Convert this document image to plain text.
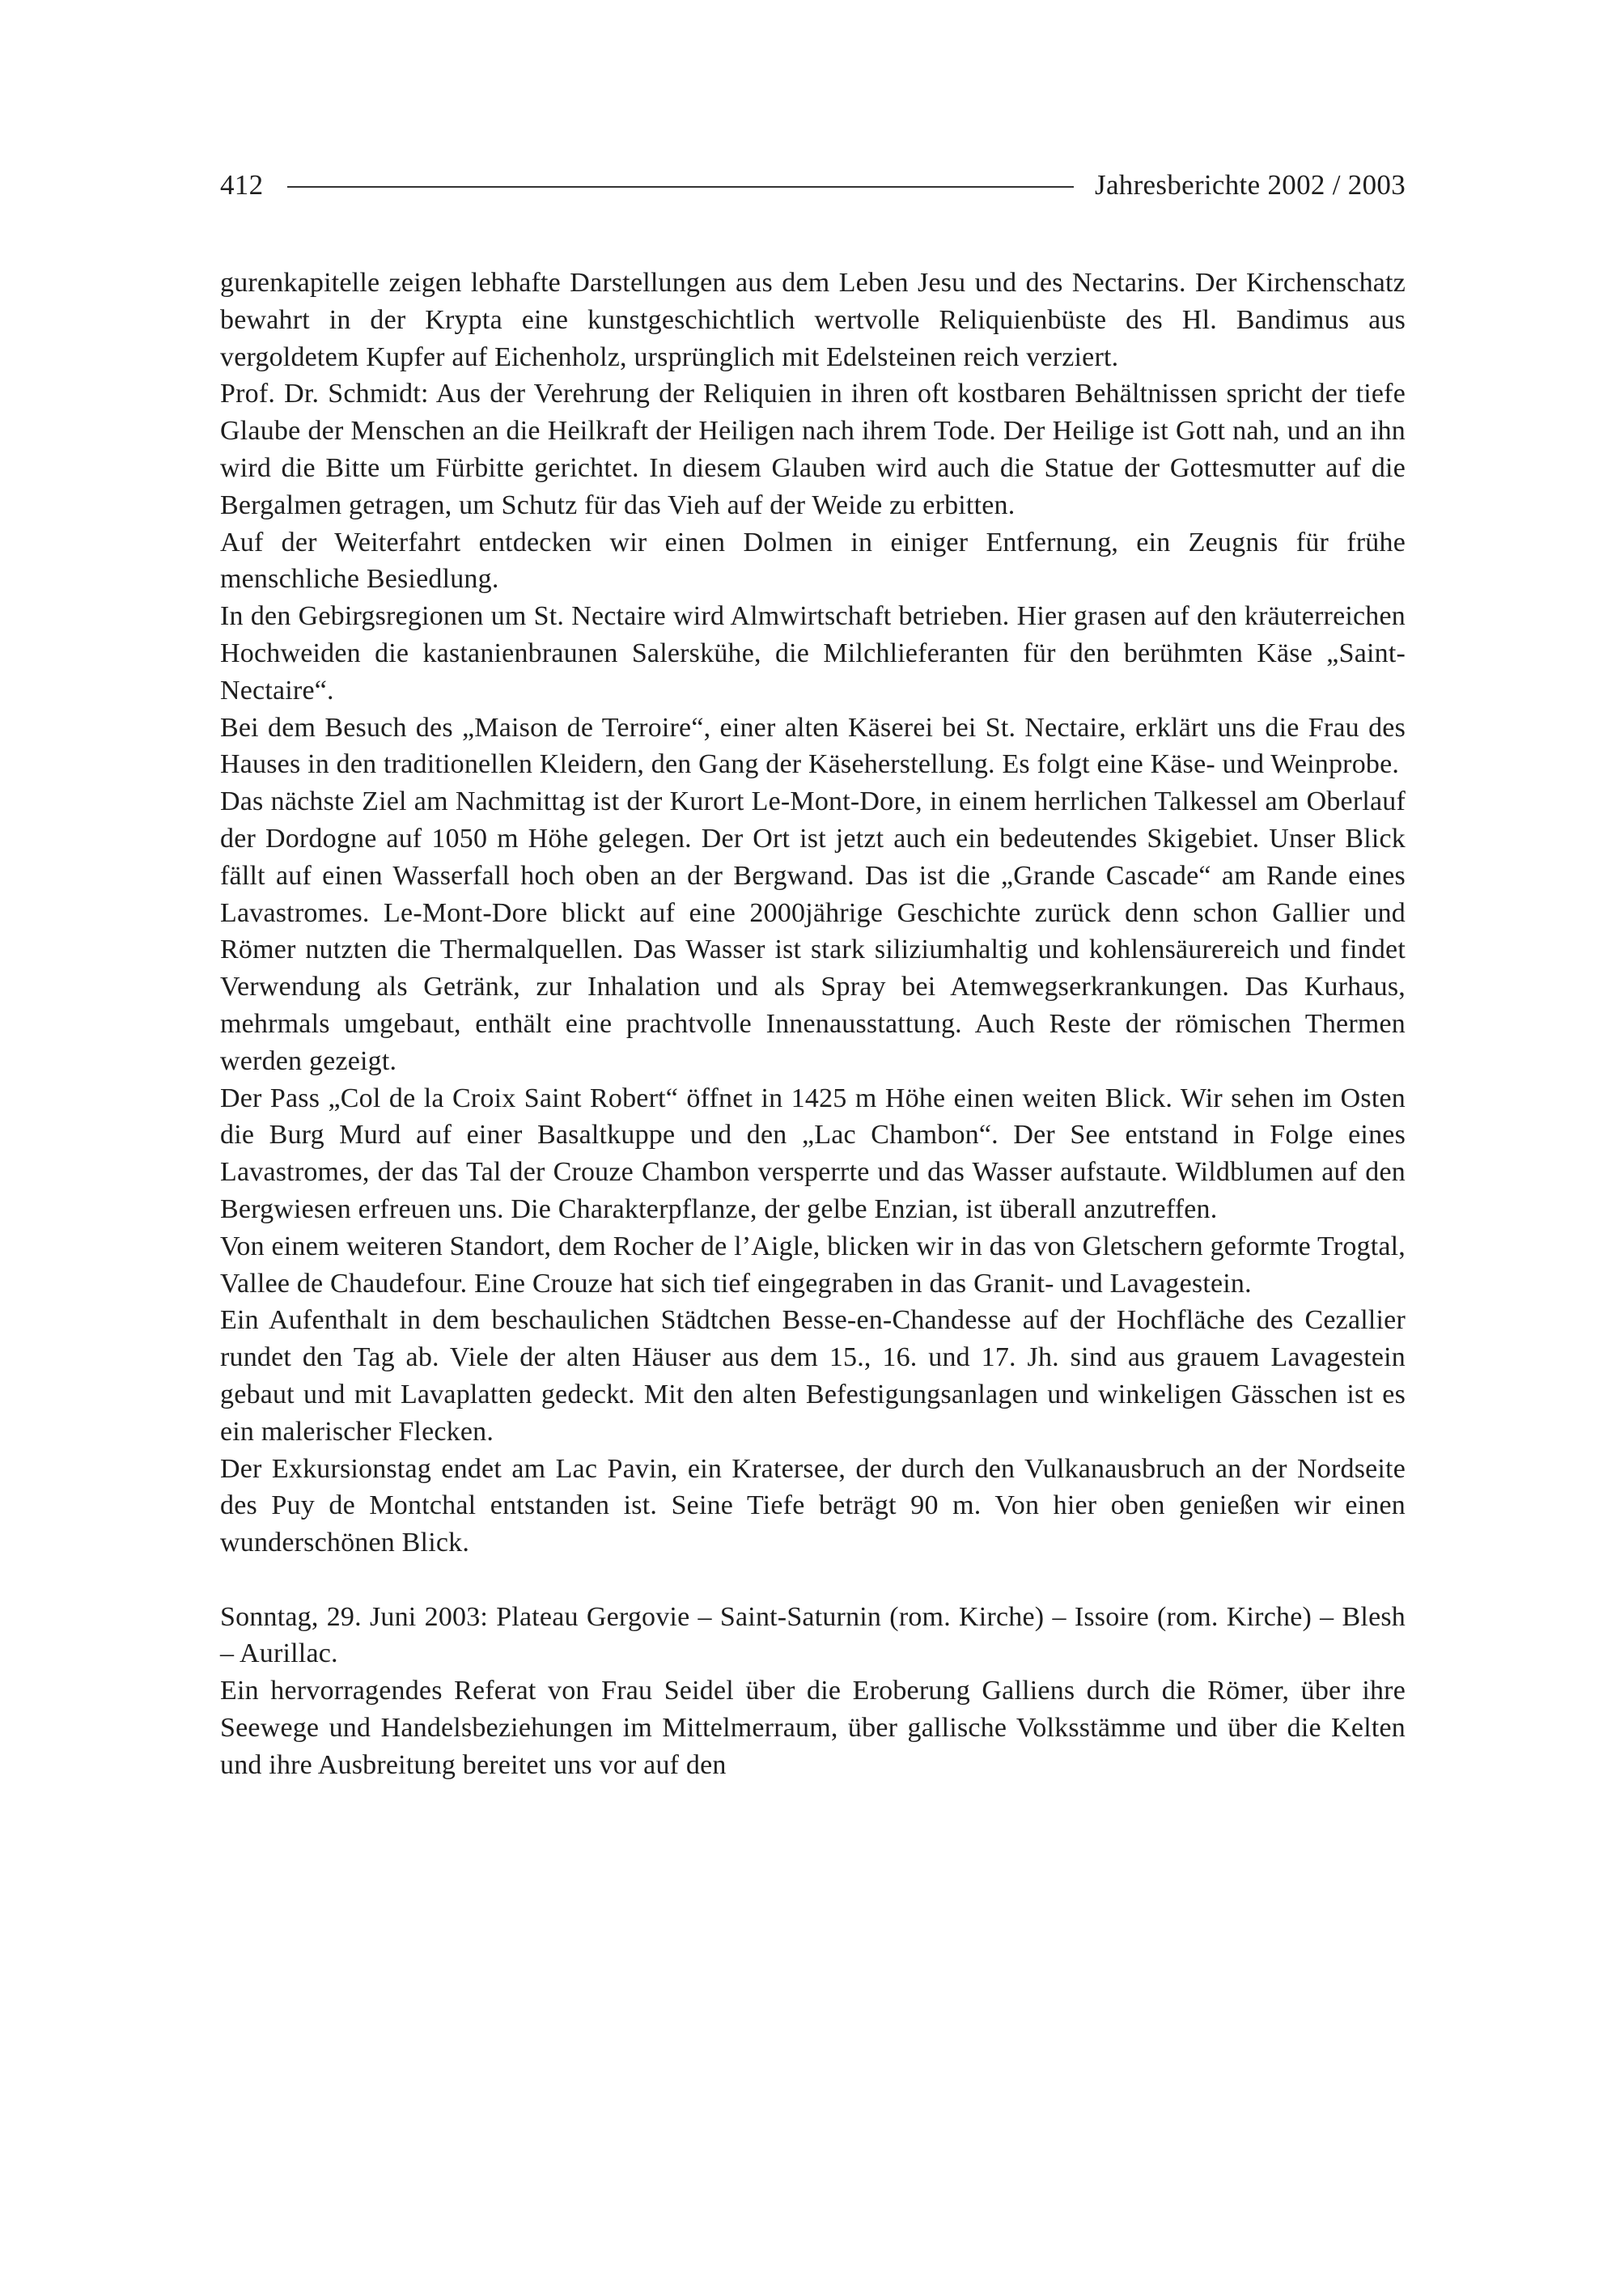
412	Jahresberichte 2002 / 2003

gurenkapitelle zeigen lebhafte Darstellungen aus dem Leben Jesu und des Nectarins. Der Kirchenschatz bewahrt in der Krypta eine kunstgeschichtlich wertvolle Reliquienbüste des Hl. Bandimus aus vergoldetem Kupfer auf Eichenholz, ursprünglich mit Edelsteinen reich verziert.

Prof. Dr. Schmidt: Aus der Verehrung der Reliquien in ihren oft kostbaren Behältnissen spricht der tiefe Glaube der Menschen an die Heilkraft der Heiligen nach ihrem Tode. Der Heilige ist Gott nah, und an ihn wird die Bitte um Fürbitte gerichtet. In diesem Glauben wird auch die Statue der Gottesmutter auf die Bergalmen getragen, um Schutz für das Vieh auf der Weide zu erbitten.

Auf der Weiterfahrt entdecken wir einen Dolmen in einiger Entfernung, ein Zeugnis für frühe menschliche Besiedlung.

In den Gebirgsregionen um St. Nectaire wird Almwirtschaft betrieben. Hier grasen auf den kräuterreichen Hochweiden die kastanienbraunen Salerskühe, die Milchlieferanten für den berühmten Käse „Saint-Nectaire“.

Bei dem Besuch des „Maison de Terroire“, einer alten Käserei bei St. Nectaire, erklärt uns die Frau des Hauses in den traditionellen Kleidern, den Gang der Käseherstellung. Es folgt eine Käse- und Weinprobe.

Das nächste Ziel am Nachmittag ist der Kurort Le-Mont-Dore, in einem herrlichen Talkessel am Oberlauf der Dordogne auf 1050 m Höhe gelegen. Der Ort ist jetzt auch ein bedeutendes Skigebiet. Unser Blick fällt auf einen Wasserfall hoch oben an der Bergwand. Das ist die „Grande Cascade“ am Rande eines Lavastromes. Le-Mont-Dore blickt auf eine 2000jährige Geschichte zurück denn schon Gallier und Römer nutzten die Thermalquellen. Das Wasser ist stark siliziumhaltig und kohlensäurereich und findet Verwendung als Getränk, zur Inhalation und als Spray bei Atemwegserkrankungen. Das Kurhaus, mehrmals umgebaut, enthält eine prachtvolle Innenausstattung. Auch Reste der römischen Thermen werden gezeigt.

Der Pass „Col de la Croix Saint Robert“ öffnet in 1425 m Höhe einen weiten Blick. Wir sehen im Osten die Burg Murd auf einer Basaltkuppe und den „Lac Chambon“. Der See entstand in Folge eines Lavastromes, der das Tal der Crouze Chambon versperrte und das Wasser aufstaute. Wildblumen auf den Bergwiesen erfreuen uns. Die Charakterpflanze, der gelbe Enzian, ist überall anzutreffen.

Von einem weiteren Standort, dem Rocher de l’Aigle, blicken wir in das von Gletschern geformte Trogtal, Vallee de Chaudefour. Eine Crouze hat sich tief eingegraben in das Granit- und Lavagestein.

Ein Aufenthalt in dem beschaulichen Städtchen Besse-en-Chandesse auf der Hochfläche des Cezallier rundet den Tag ab. Viele der alten Häuser aus dem 15., 16. und 17. Jh. sind aus grauem Lavagestein gebaut und mit Lavaplatten gedeckt. Mit den alten Befestigungsanlagen und winkeligen Gässchen ist es ein malerischer Flecken.

Der Exkursionstag endet am Lac Pavin, ein Kratersee, der durch den Vulkanausbruch an der Nordseite des Puy de Montchal entstanden ist. Seine Tiefe beträgt 90 m. Von hier oben genießen wir einen wunderschönen Blick.

Sonntag, 29. Juni 2003: Plateau Gergovie – Saint-Saturnin (rom. Kirche) – Issoire (rom. Kirche) – Blesh – Aurillac.

Ein hervorragendes Referat von Frau Seidel über die Eroberung Galliens durch die Römer, über ihre Seewege und Handelsbeziehungen im Mittelmerraum, über gallische Volksstämme und über die Kelten und ihre Ausbreitung bereitet uns vor auf den
